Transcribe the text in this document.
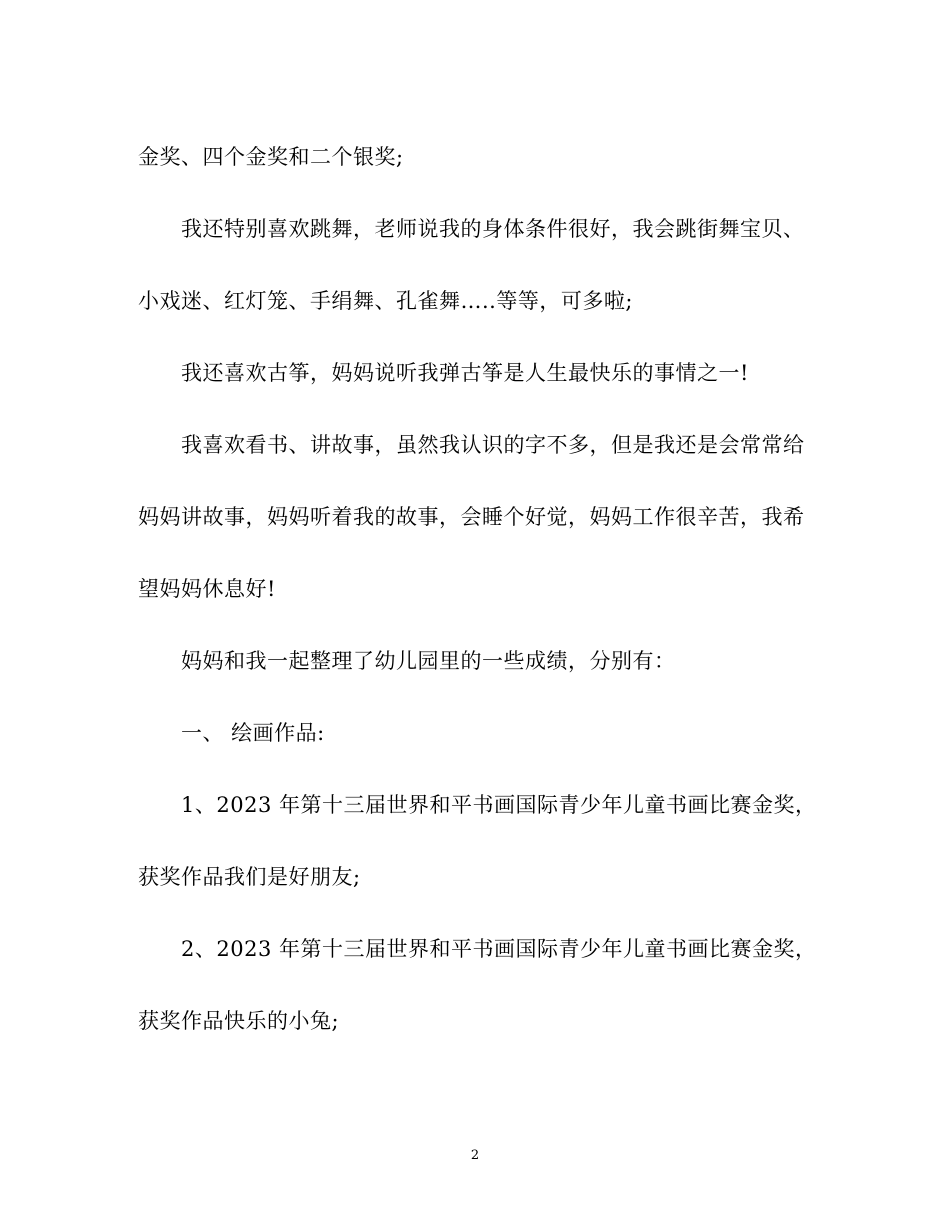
金奖、四个金奖和二个银奖;
我还特别喜欢跳舞，老师说我的身体条件很好，我会跳街舞宝贝、
小戏迷、红灯笼、手绢舞、孔雀舞…..等等，可多啦;
我还喜欢古筝，妈妈说听我弹古筝是人生最快乐的事情之一!
我喜欢看书、讲故事，虽然我认识的字不多，但是我还是会常常给
妈妈讲故事，妈妈听着我的故事，会睡个好觉，妈妈工作很辛苦，我希
望妈妈休息好!
妈妈和我一起整理了幼儿园里的一些成绩，分别有：
一、 绘画作品:
1、2023 年第十三届世界和平书画国际青少年儿童书画比赛金奖，
获奖作品我们是好朋友;
2、2023 年第十三届世界和平书画国际青少年儿童书画比赛金奖，
获奖作品快乐的小兔;
2
